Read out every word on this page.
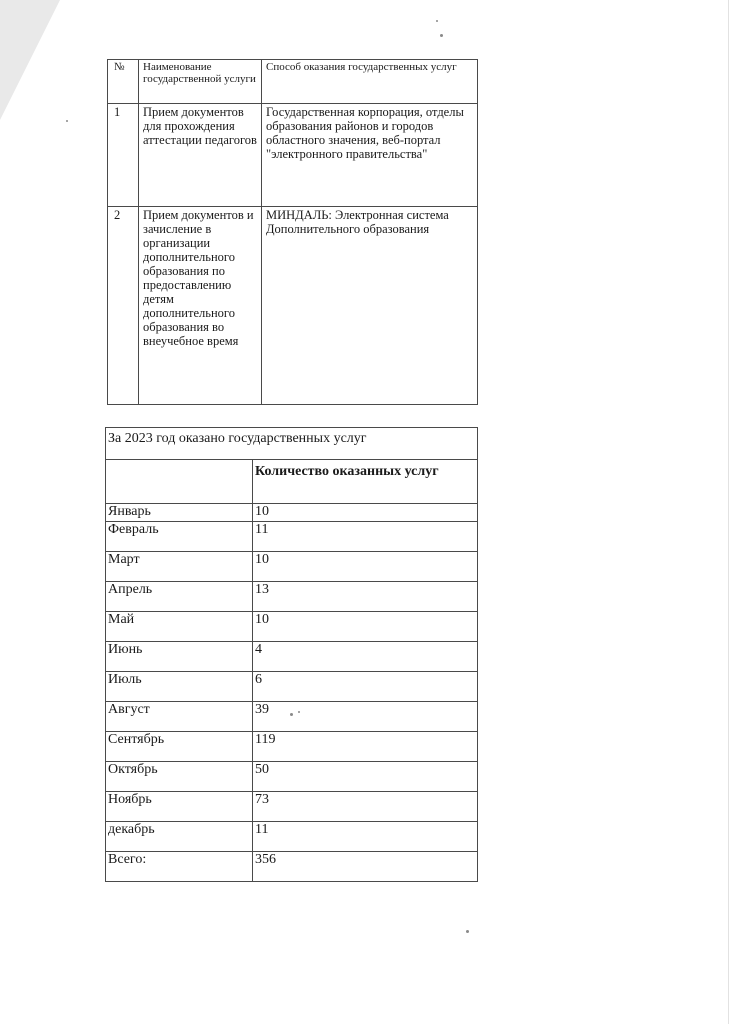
№	Наименование государственной услуги	Способ оказания государственных услуг
1	Прием документов для прохождения аттестации педагогов	Государственная корпорация, отделы образования районов и городов областного значения, веб-портал "электронного правительства"
2	Прием документов и зачисление в организации дополнительного образования по предоставлению детям дополнительного образования во внеучебное время	МИНДАЛЬ: Электронная система Дополнительного образования
За 2023 год оказано государственных услуг	
	Количество оказанных услуг
Январь	10
Февраль	11
Март	10
Апрель	13
Май	10
Июнь	4
Июль	6
Август	39
Сентябрь	119
Октябрь	50
Ноябрь	73
декабрь	11
Всего:	356
